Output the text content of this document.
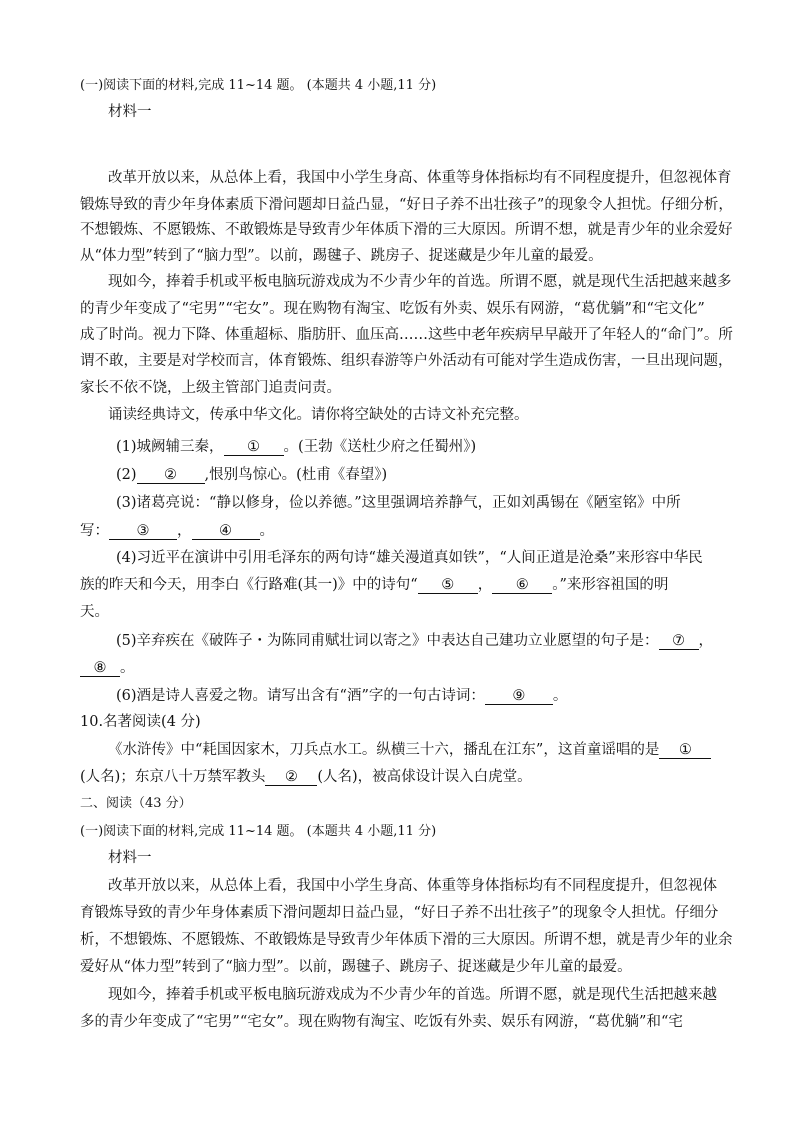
(一)阅读下面的材料,完成 11~14 题。 (本题共 4 小题,11 分)
材料一
改革开放以来，从总体上看，我国中小学生身高、体重等身体指标均有不同程度提升，但忽视体育
锻炼导致的青少年身体素质下滑问题却日益凸显，“好日子养不出壮孩子”的现象令人担忧。仔细分析，
不想锻炼、不愿锻炼、不敢锻炼是导致青少年体质下滑的三大原因。所谓不想，就是青少年的业余爱好
从“体力型”转到了“脑力型”。以前，踢毽子、跳房子、捉迷藏是少年儿童的最爱。
现如今，捧着手机或平板电脑玩游戏成为不少青少年的首选。所谓不愿，就是现代生活把越来越多
的青少年变成了“宅男”“宅女”。现在购物有淘宝、吃饭有外卖、娱乐有网游，“葛优躺”和“宅文化”
成了时尚。视力下降、体重超标、脂肪肝、血压高……这些中老年疾病早早敲开了年轻人的“命门”。所
谓不敢，主要是对学校而言，体育锻炼、组织春游等户外活动有可能对学生造成伤害，一旦出现问题，
家长不依不饶，上级主管部门追责问责。
诵读经典诗文，传承中华文化。请你将空缺处的古诗文补充完整。
(1)城阙辅三秦， ① 。(王勃《送杜少府之任蜀州》)
(2) ② ,恨别鸟惊心。(杜甫《春望》)
(3)诸葛亮说：“静以修身，俭以养德。”这里强调培养静气，正如刘禹锡在《陋室铭》中所
写： ③ ， ④ 。
(4)习近平在演讲中引用毛泽东的两句诗“雄关漫道真如铁”，“人间正道是沧桑”来形容中华民
族的昨天和今天，用李白《行路难(其一)》中的诗句“ ⑤ ， ⑥ 。”来形容祖国的明
天。
(5)辛弃疾在《破阵子・为陈同甫赋壮词以寄之》中表达自己建功立业愿望的句子是： ⑦ ，
⑧ 。
(6)酒是诗人喜爱之物。请写出含有“酒”字的一句古诗词： ⑨ 。
10.名著阅读(4 分)
《水浒传》中“耗国因家木，刀兵点水工。纵横三十六，播乱在江东”，这首童谣唱的是 ①
(人名)；东京八十万禁军教头 ② (人名)，被高俅设计误入白虎堂。
二、阅读（43 分）
(一)阅读下面的材料,完成 11~14 题。 (本题共 4 小题,11 分)
材料一
改革开放以来，从总体上看，我国中小学生身高、体重等身体指标均有不同程度提升，但忽视体
育锻炼导致的青少年身体素质下滑问题却日益凸显，“好日子养不出壮孩子”的现象令人担忧。仔细分
析，不想锻炼、不愿锻炼、不敢锻炼是导致青少年体质下滑的三大原因。所谓不想，就是青少年的业余
爱好从“体力型”转到了“脑力型”。以前，踢毽子、跳房子、捉迷藏是少年儿童的最爱。
现如今，捧着手机或平板电脑玩游戏成为不少青少年的首选。所谓不愿，就是现代生活把越来越
多的青少年变成了“宅男”“宅女”。现在购物有淘宝、吃饭有外卖、娱乐有网游，“葛优躺”和“宅
